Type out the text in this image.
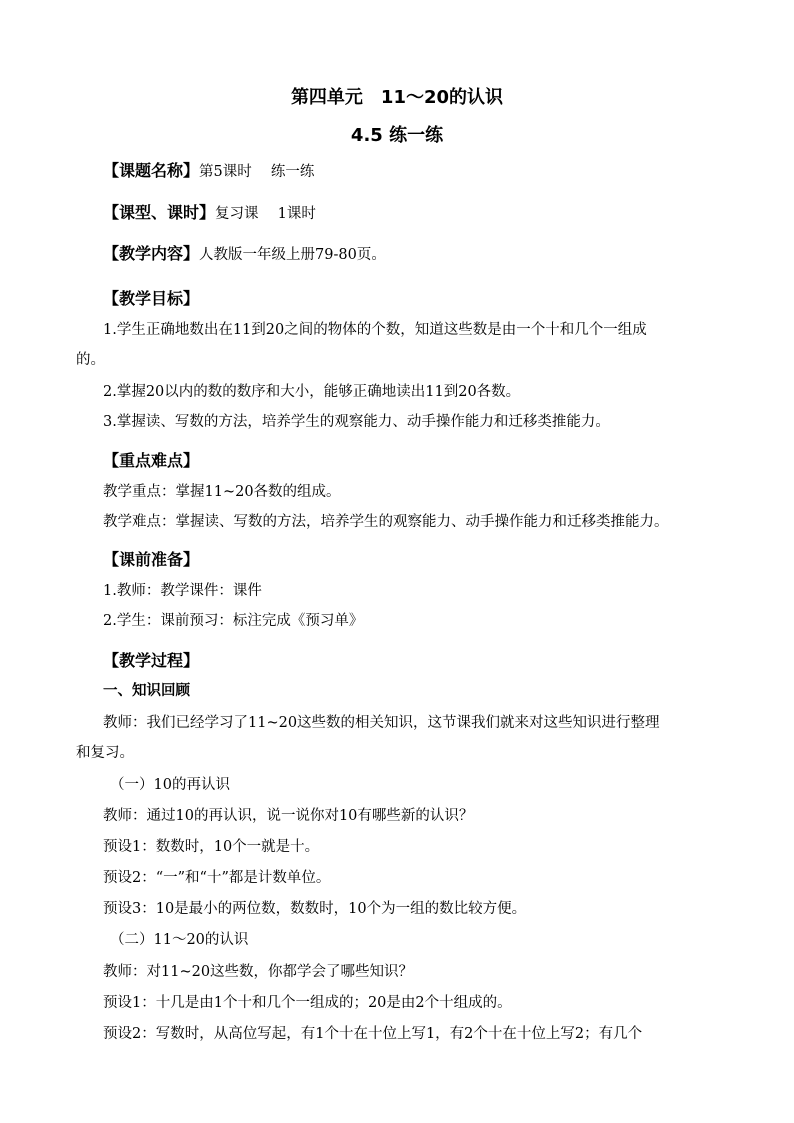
第四单元　11～20的认识
4.5 练一练
【课题名称】第5课时　 练一练
【课型、课时】复习课　 1课时
【教学内容】人教版一年级上册79-80页。
【教学目标】
1.学生正确地数出在11到20之间的物体的个数，知道这些数是由一个十和几个一组成
的。
2.掌握20以内的数的数序和大小，能够正确地读出11到20各数。
3.掌握读、写数的方法，培养学生的观察能力、动手操作能力和迁移类推能力。
【重点难点】
教学重点：掌握11~20各数的组成。
教学难点：掌握读、写数的方法，培养学生的观察能力、动手操作能力和迁移类推能力。
【课前准备】
1.教师：教学课件：课件
2.学生：课前预习：标注完成《预习单》
【教学过程】
一、知识回顾
教师：我们已经学习了11~20这些数的相关知识，这节课我们就来对这些知识进行整理
和复习。
（一）10的再认识
教师：通过10的再认识，说一说你对10有哪些新的认识？
预设1：数数时，10个一就是十。
预设2：“一”和“十”都是计数单位。
预设3：10是最小的两位数，数数时，10个为一组的数比较方便。
（二）11～20的认识
教师：对11~20这些数，你都学会了哪些知识？
预设1：十几是由1个十和几个一组成的；20是由2个十组成的。
预设2：写数时，从高位写起，有1个十在十位上写1，有2个十在十位上写2；有几个
